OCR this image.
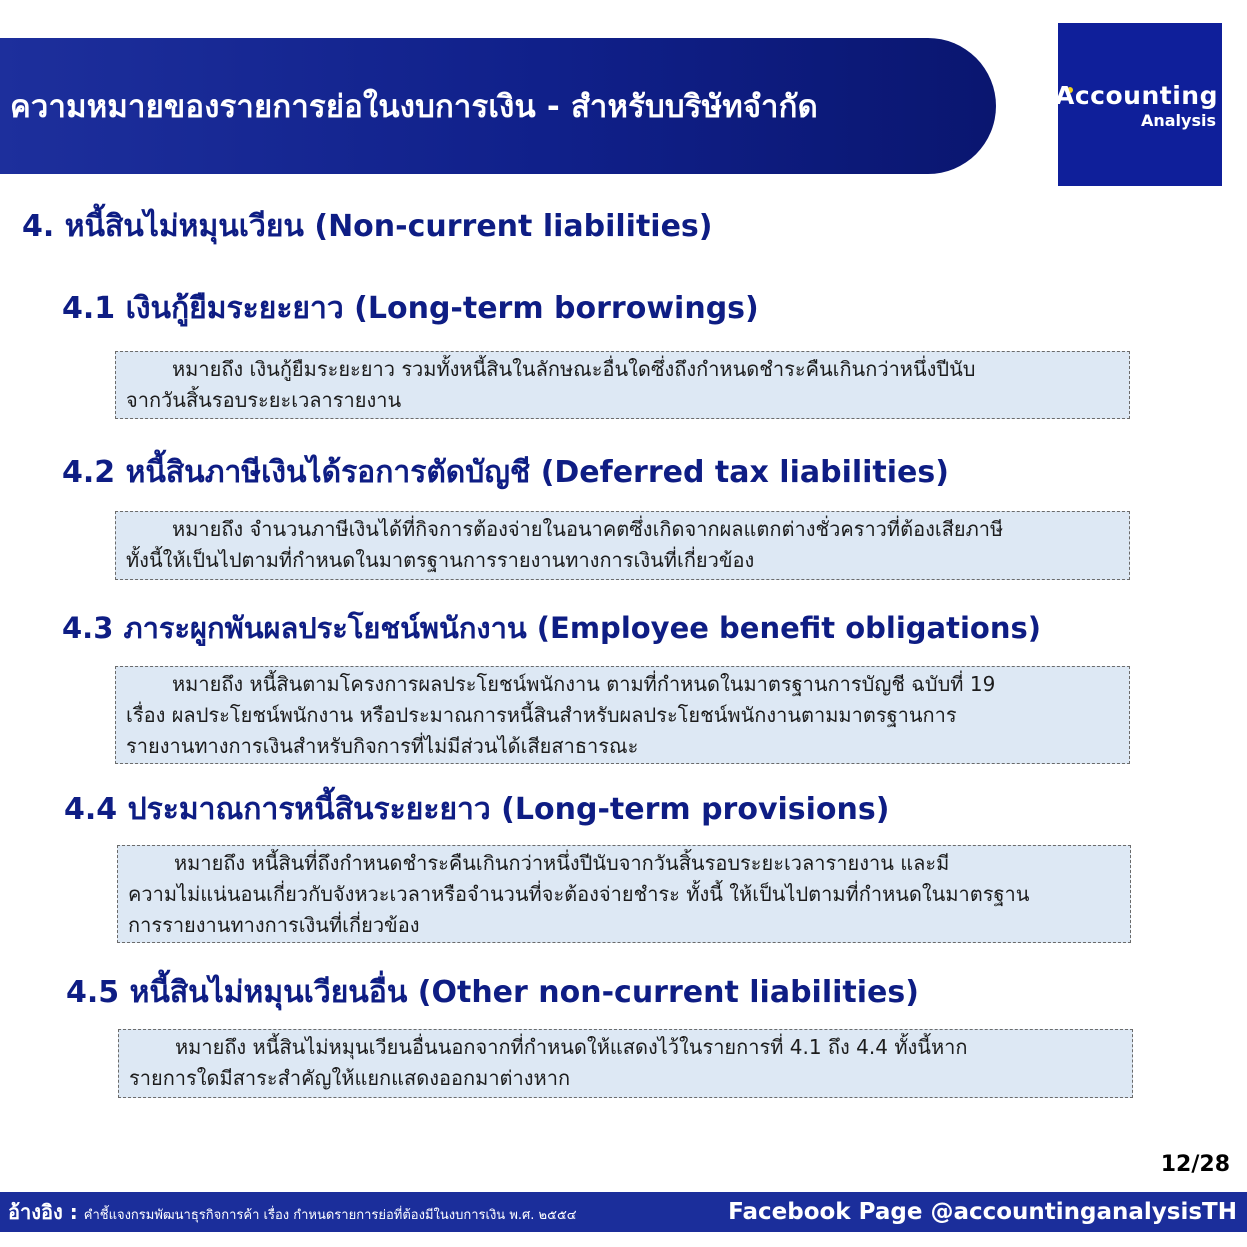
ความหมายของรายการย่อในงบการเงิน - สำหรับบริษัทจำกัด	Accounting
Analysis
4. หนี้สินไม่หมุนเวียน (Non-current liabilities)
4.1 เงินกู้ยืมระยะยาว (Long-term borrowings)
หมายถึง เงินกู้ยืมระยะยาว รวมทั้งหนี้สินในลักษณะอื่นใดซึ่งถึงกำหนดชำระคืนเกินกว่าหนึ่งปีนับ
จากวันสิ้นรอบระยะเวลารายงาน
4.2 หนี้สินภาษีเงินได้รอการตัดบัญชี (Deferred tax liabilities)
หมายถึง จำนวนภาษีเงินได้ที่กิจการต้องจ่ายในอนาคตซึ่งเกิดจากผลแตกต่างชั่วคราวที่ต้องเสียภาษี
ทั้งนี้ให้เป็นไปตามที่กำหนดในมาตรฐานการรายงานทางการเงินที่เกี่ยวข้อง
4.3 ภาระผูกพันผลประโยชน์พนักงาน (Employee benefit obligations)
หมายถึง หนี้สินตามโครงการผลประโยชน์พนักงาน ตามที่กำหนดในมาตรฐานการบัญชี ฉบับที่ 19
เรื่อง ผลประโยชน์พนักงาน หรือประมาณการหนี้สินสำหรับผลประโยชน์พนักงานตามมาตรฐานการ
รายงานทางการเงินสำหรับกิจการที่ไม่มีส่วนได้เสียสาธารณะ
4.4 ประมาณการหนี้สินระยะยาว (Long-term provisions)
หมายถึง หนี้สินที่ถึงกำหนดชำระคืนเกินกว่าหนึ่งปีนับจากวันสิ้นรอบระยะเวลารายงาน และมี
ความไม่แน่นอนเกี่ยวกับจังหวะเวลาหรือจำนวนที่จะต้องจ่ายชำระ ทั้งนี้ ให้เป็นไปตามที่กำหนดในมาตรฐาน
การรายงานทางการเงินที่เกี่ยวข้อง
4.5 หนี้สินไม่หมุนเวียนอื่น (Other non-current liabilities)
หมายถึง หนี้สินไม่หมุนเวียนอื่นนอกจากที่กำหนดให้แสดงไว้ในรายการที่ 4.1 ถึง 4.4 ทั้งนี้หาก
รายการใดมีสาระสำคัญให้แยกแสดงออกมาต่างหาก
12/28
อ้างอิง : คำชี้แจงกรมพัฒนาธุรกิจการค้า เรื่อง กำหนดรายการย่อที่ต้องมีในงบการเงิน พ.ศ. ๒๕๕๔	Facebook Page @accountinganalysisTH
